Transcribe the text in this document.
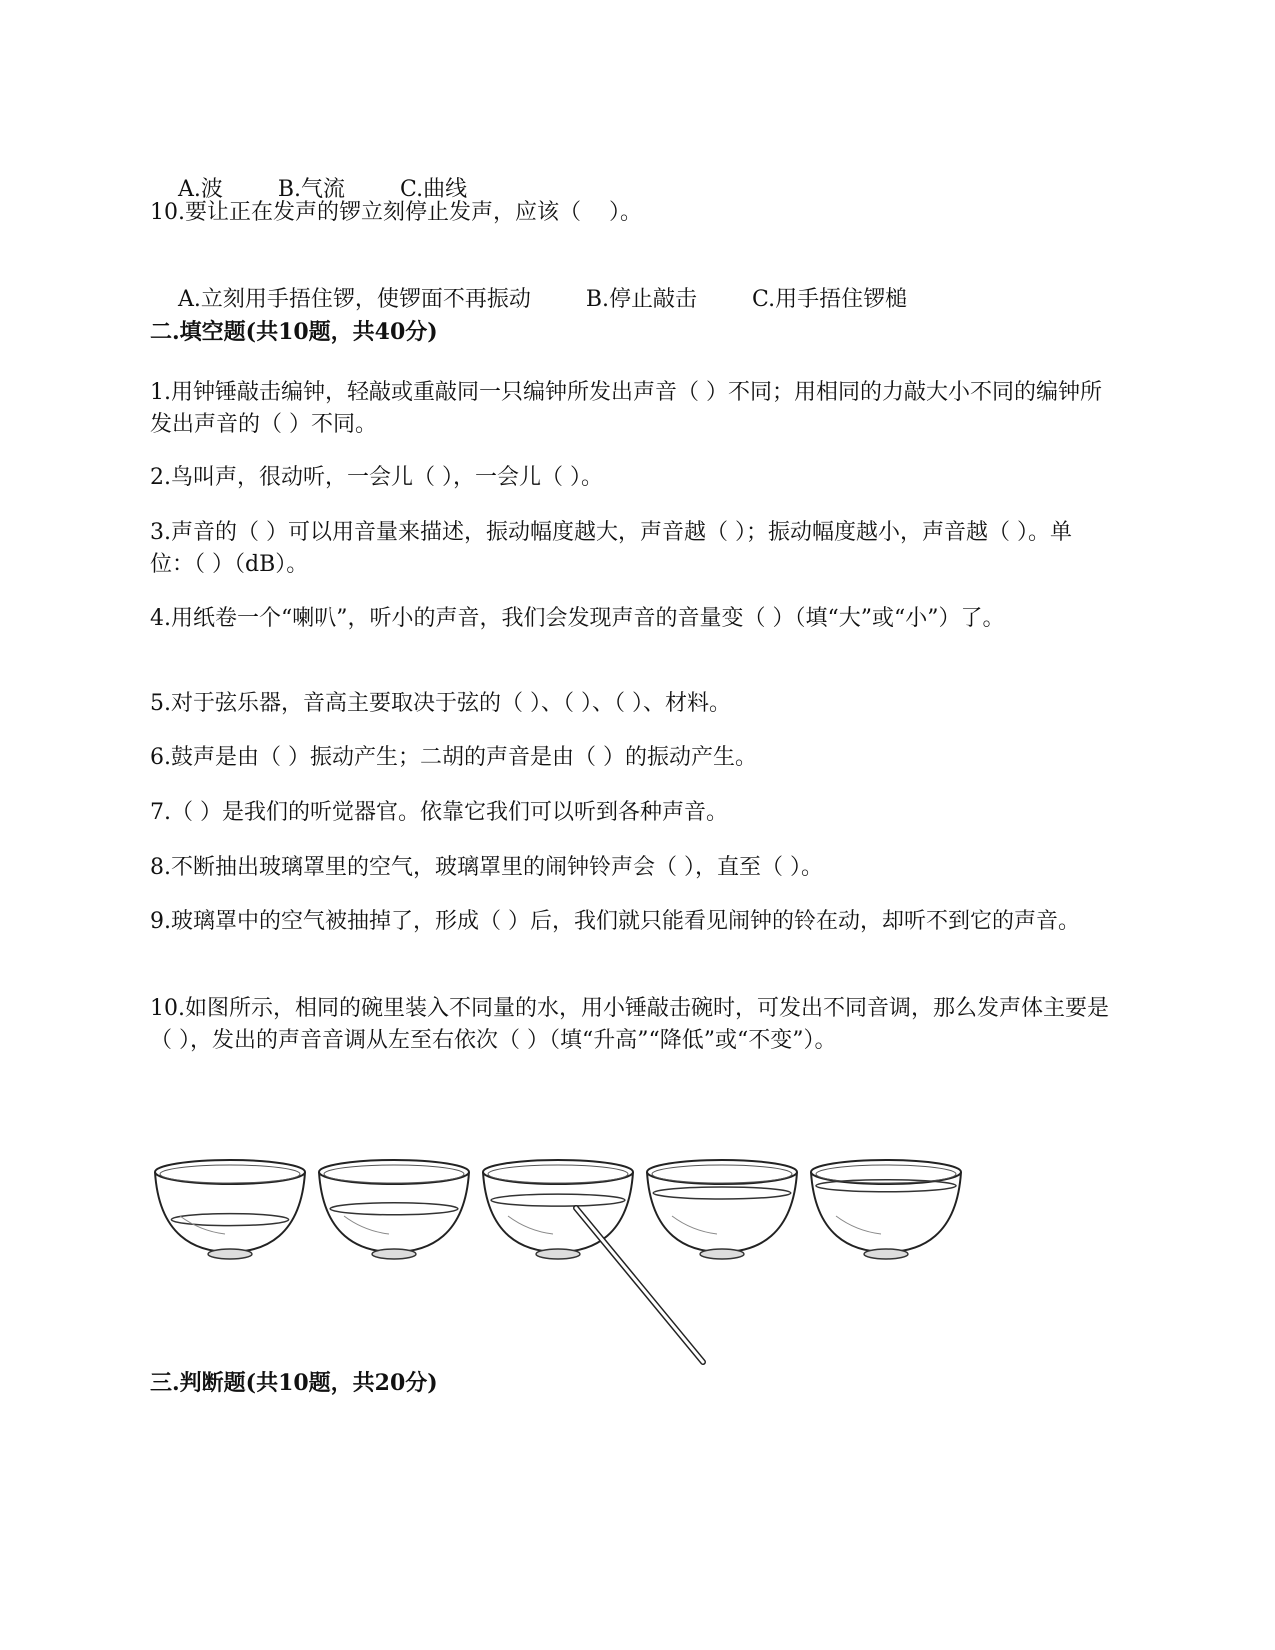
A.波	B.气流	C.曲线

10.要让正在发声的锣立刻停止发声，应该（    ）。

A.立刻用手捂住锣，使锣面不再振动	B.停止敲击	C.用手捂住锣槌

二.填空题(共10题，共40分)
1.用钟锤敲击编钟，轻敲或重敲同一只编钟所发出声音（ ）不同；用相同的力敲大小不同的编钟所发出声音的（ ）不同。
2.鸟叫声，很动听，一会儿（ ），一会儿（ ）。
3.声音的（ ）可以用音量来描述，振动幅度越大，声音越（ ）；振动幅度越小，声音越（ ）。单位：（ ）（dB）。
4.用纸卷一个“喇叭”，听小的声音，我们会发现声音的音量变（ ）（填“大”或“小”）了。
5.对于弦乐器，音高主要取决于弦的（ ）、（ ）、（ ）、材料。
6.鼓声是由（ ）振动产生；二胡的声音是由（ ）的振动产生。
7.（ ）是我们的听觉器官。依靠它我们可以听到各种声音。
8.不断抽出玻璃罩里的空气，玻璃罩里的闹钟铃声会（ ），直至（ ）。
9.玻璃罩中的空气被抽掉了，形成（ ）后，我们就只能看见闹钟的铃在动，却听不到它的声音。
10.如图所示，相同的碗里装入不同量的水，用小锤敲击碗时，可发出不同音调，那么发声体主要是（ ），发出的声音音调从左至右依次（ ）（填“升高”“降低”或“不变”）。
三.判断题(共10题，共20分)
